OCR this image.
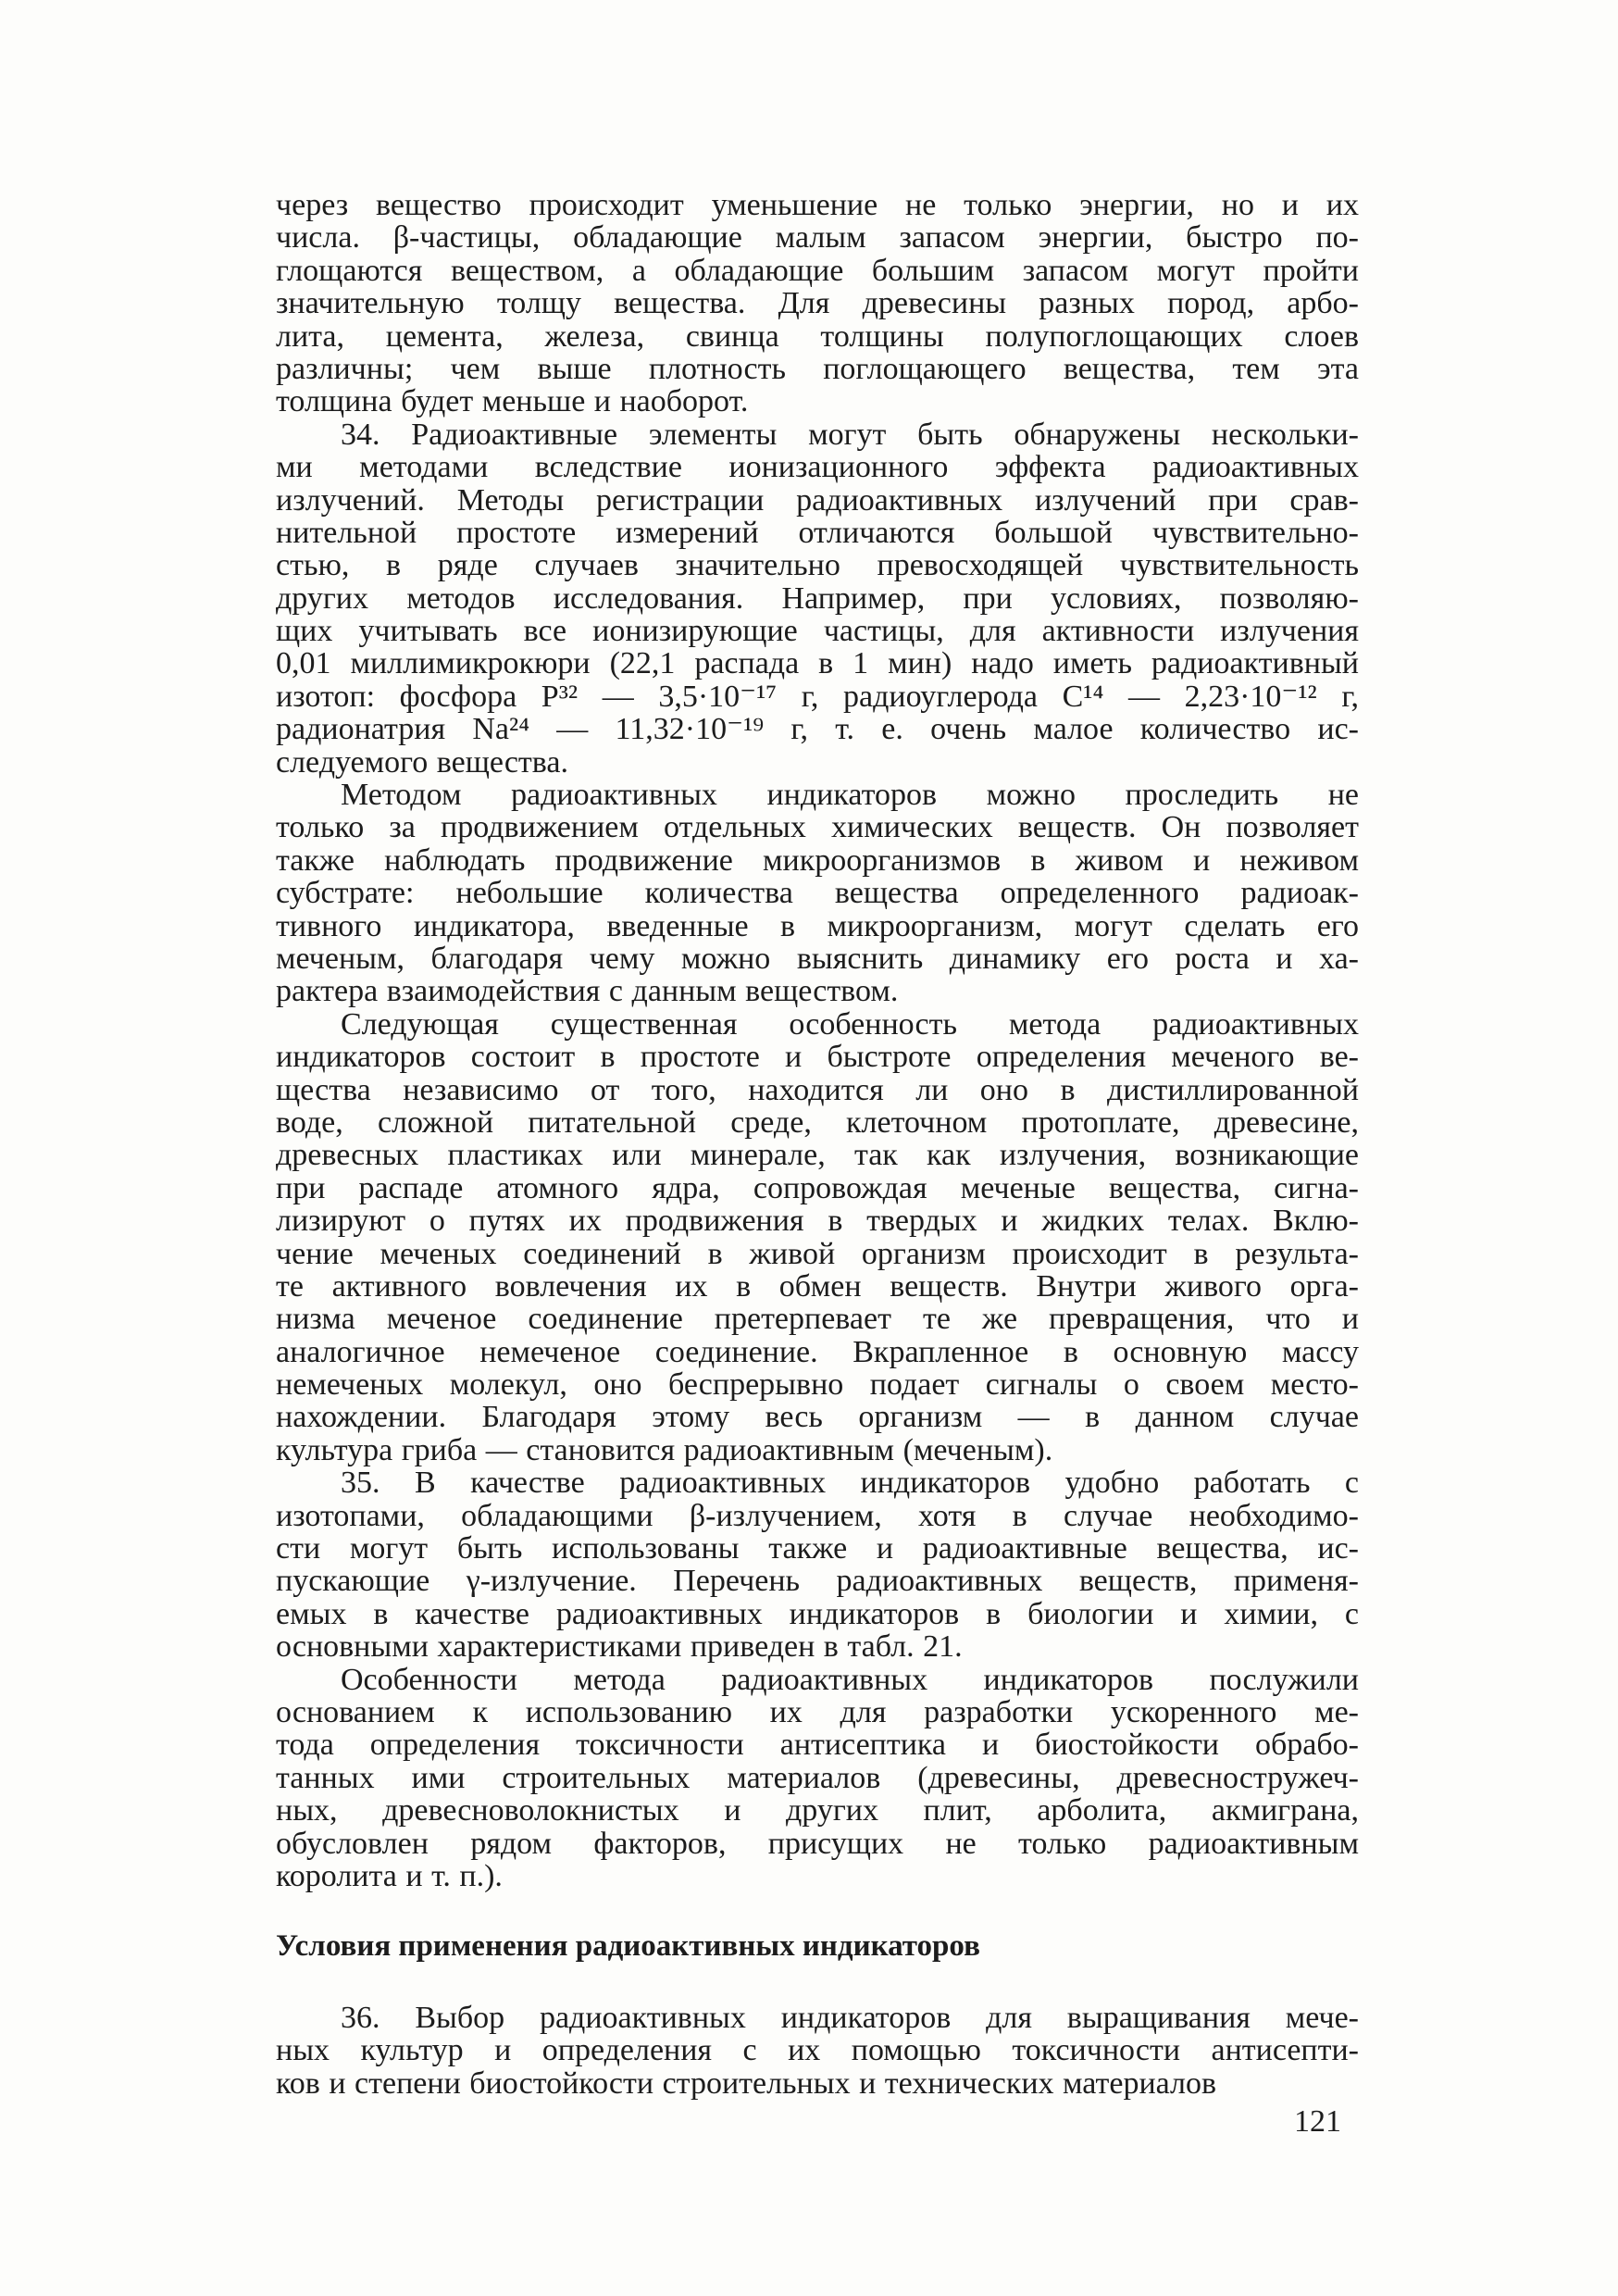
через вещество происходит уменьшение не только энергии, но и их
числа. β-частицы, обладающие малым запасом энергии, быстро по-
глощаются веществом, а обладающие большим запасом могут пройти
значительную толщу вещества. Для древесины разных пород, арбо-
лита, цемента, железа, свинца толщины полупоглощающих слоев
различны; чем выше плотность поглощающего вещества, тем эта
толщина будет меньше и наоборот.

34. Радиоактивные элементы могут быть обнаружены нескольки-
ми методами вследствие ионизационного эффекта радиоактивных
излучений. Методы регистрации радиоактивных излучений при срав-
нительной простоте измерений отличаются большой чувствительно-
стью, в ряде случаев значительно превосходящей чувствительность
других методов исследования. Например, при условиях, позволяю-
щих учитывать все ионизирующие частицы, для активности излучения
0,01 миллимикрокюри (22,1 распада в 1 мин) надо иметь радиоактивный
изотоп: фосфора P³² — 3,5·10⁻¹⁷ г, радиоуглерода C¹⁴ — 2,23·10⁻¹² г,
радионатрия Na²⁴ — 11,32·10⁻¹⁹ г, т. е. очень малое количество ис-
следуемого вещества.

Методом радиоактивных индикаторов можно проследить не
только за продвижением отдельных химических веществ. Он позволяет
также наблюдать продвижение микроорганизмов в живом и неживом
субстрате: небольшие количества вещества определенного радиоак-
тивного индикатора, введенные в микроорганизм, могут сделать его
меченым, благодаря чему можно выяснить динамику его роста и ха-
рактера взаимодействия с данным веществом.

Следующая существенная особенность метода радиоактивных
индикаторов состоит в простоте и быстроте определения меченого ве-
щества независимо от того, находится ли оно в дистиллированной
воде, сложной питательной среде, клеточном протоплате, древесине,
древесных пластиках или минерале, так как излучения, возникающие
при распаде атомного ядра, сопровождая меченые вещества, сигна-
лизируют о путях их продвижения в твердых и жидких телах. Вклю-
чение меченых соединений в живой организм происходит в результа-
те активного вовлечения их в обмен веществ. Внутри живого орга-
низма меченое соединение претерпевает те же превращения, что и
аналогичное немеченое соединение. Вкрапленное в основную массу
немеченых молекул, оно беспрерывно подает сигналы о своем место-
нахождении. Благодаря этому весь организм — в данном случае
культура гриба — становится радиоактивным (меченым).

35. В качестве радиоактивных индикаторов удобно работать с
изотопами, обладающими β-излучением, хотя в случае необходимо-
сти могут быть использованы также и радиоактивные вещества, ис-
пускающие γ-излучение. Перечень радиоактивных веществ, применя-
емых в качестве радиоактивных индикаторов в биологии и химии, с
основными характеристиками приведен в табл. 21.

Особенности метода радиоактивных индикаторов послужили
основанием к использованию их для разработки ускоренного ме-
тода определения токсичности антисептика и биостойкости обрабо-
танных ими строительных материалов (древесины, древесностружеч-
ных, древесноволокнистых и других плит, арболита, акмиграна,
обусловлен рядом факторов, присущих не только радиоактивным
королита и т. п.).

Условия применения радиоактивных индикаторов

36. Выбор радиоактивных индикаторов для выращивания мече-
ных культур и определения с их помощью токсичности антисепти-
ков и степени биостойкости строительных и технических материалов

121
